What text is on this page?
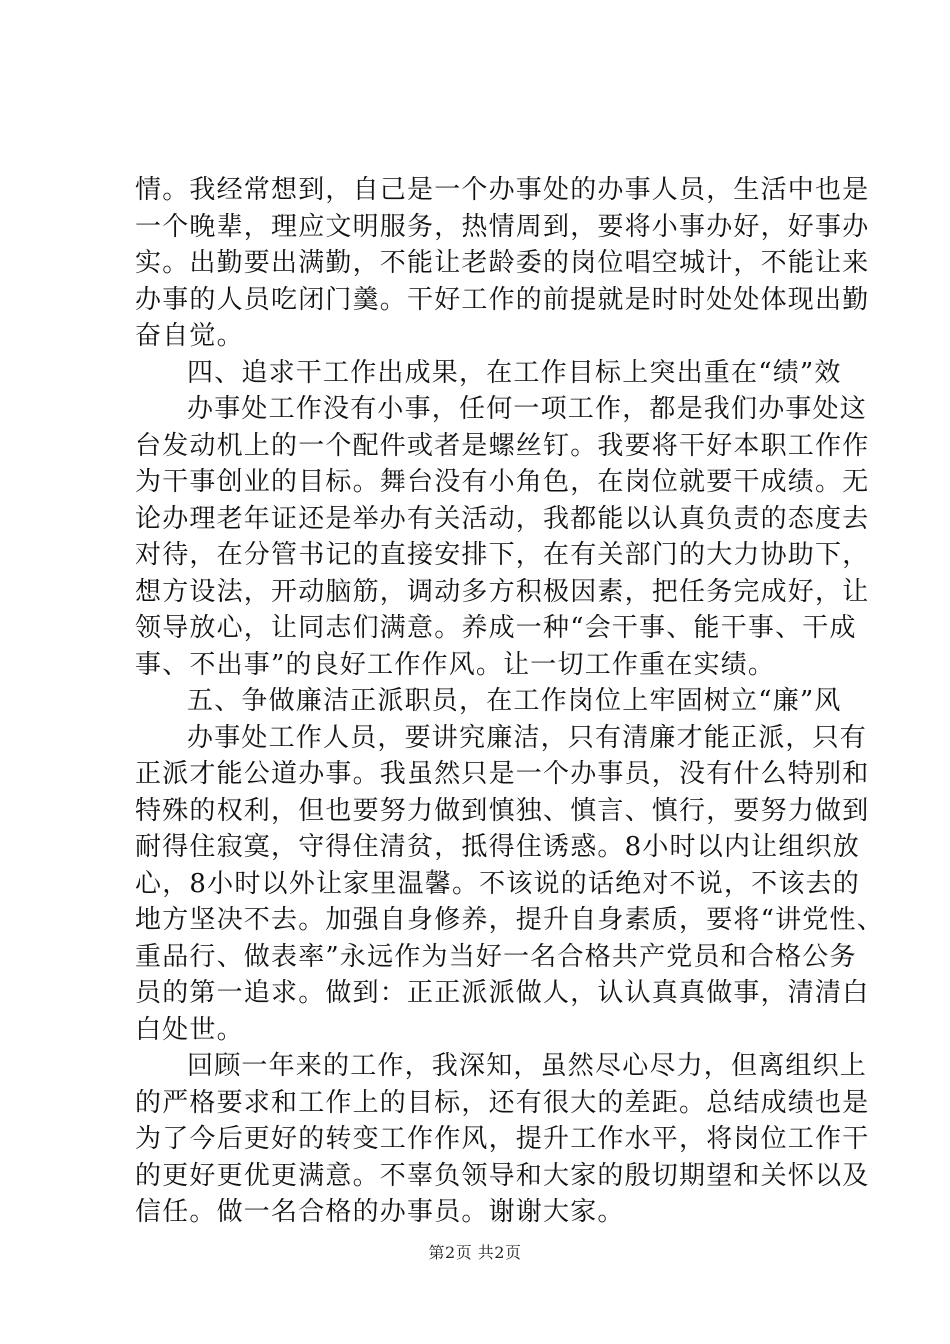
情。我经常想到，自己是一个办事处的办事人员，生活中也是
一个晚辈，理应文明服务，热情周到，要将小事办好，好事办
实。出勤要出满勤，不能让老龄委的岗位唱空城计，不能让来
办事的人员吃闭门羹。干好工作的前提就是时时处处体现出勤
奋自觉。
四、追求干工作出成果，在工作目标上突出重在“绩”效
办事处工作没有小事，任何一项工作，都是我们办事处这
台发动机上的一个配件或者是螺丝钉。我要将干好本职工作作
为干事创业的目标。舞台没有小角色，在岗位就要干成绩。无
论办理老年证还是举办有关活动，我都能以认真负责的态度去
对待，在分管书记的直接安排下，在有关部门的大力协助下，
想方设法，开动脑筋，调动多方积极因素，把任务完成好，让
领导放心，让同志们满意。养成一种“会干事、能干事、干成
事、不出事”的良好工作作风。让一切工作重在实绩。
五、争做廉洁正派职员，在工作岗位上牢固树立“廉”风
办事处工作人员，要讲究廉洁，只有清廉才能正派，只有
正派才能公道办事。我虽然只是一个办事员，没有什么特别和
特殊的权利，但也要努力做到慎独、慎言、慎行，要努力做到
耐得住寂寞，守得住清贫，抵得住诱惑。8小时以内让组织放
心，8小时以外让家里温馨。不该说的话绝对不说，不该去的
地方坚决不去。加强自身修养，提升自身素质，要将“讲党性、
重品行、做表率”永远作为当好一名合格共产党员和合格公务
员的第一追求。做到：正正派派做人，认认真真做事，清清白
白处世。
回顾一年来的工作，我深知，虽然尽心尽力，但离组织上
的严格要求和工作上的目标，还有很大的差距。总结成绩也是
为了今后更好的转变工作作风，提升工作水平，将岗位工作干
的更好更优更满意。不辜负领导和大家的殷切期望和关怀以及
信任。做一名合格的办事员。谢谢大家。
第2页 共2页
